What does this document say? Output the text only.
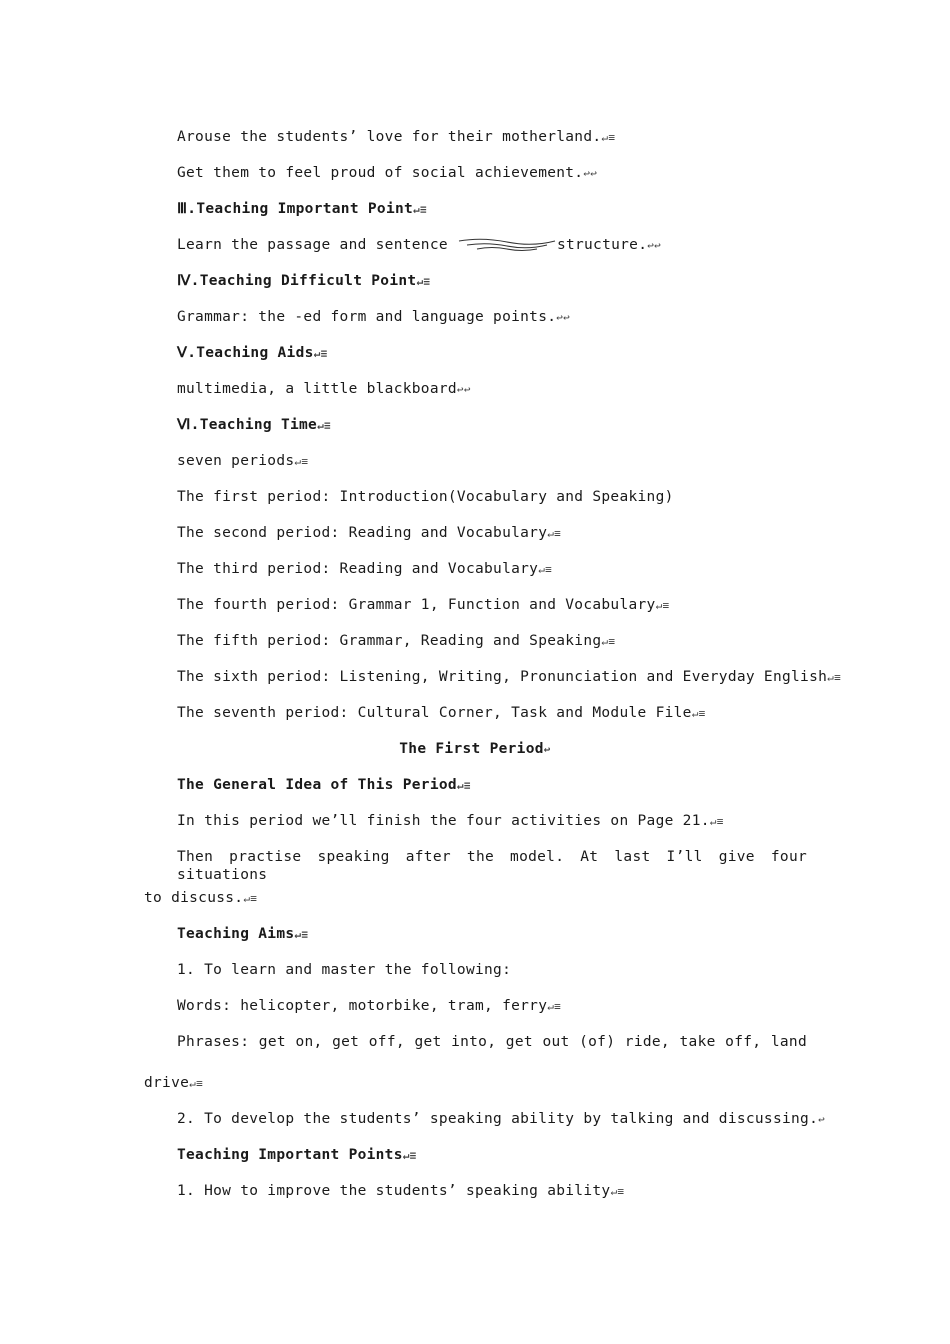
Arouse the students’ love for their motherland.↵≡
Get them to feel proud of social achievement.↩↩
Ⅲ.Teaching Important Point↵≡
Learn the passage and sentence	structure.↩↩
Ⅳ.Teaching Difficult Point↵≡
Grammar: the -ed form and language points.↩↩
Ⅴ.Teaching Aids↵≡
multimedia, a little blackboard↩↩
Ⅵ.Teaching Time↵≡
seven periods↵≡
The first period: Introduction(Vocabulary and Speaking)
The second period: Reading and Vocabulary↵≡
The third period: Reading and Vocabulary↵≡
The fourth period: Grammar 1, Function and Vocabulary↵≡
The fifth period: Grammar, Reading and Speaking↵≡
The sixth period: Listening, Writing, Pronunciation and Everyday English↵≡
The seventh period: Cultural Corner, Task and Module File↵≡
The First Period↩
The General Idea of This Period↵≡
In this period we’ll finish the four activities on Page 21.↵≡
Then practise speaking after the model. At last I’ll give four situations
to discuss.↵≡
Teaching Aims↵≡
1. To learn and master the following:
Words: helicopter, motorbike, tram, ferry↵≡
Phrases: get on, get off, get into, get out (of) ride, take off, land
drive↵≡
2. To develop the students’ speaking ability by talking and discussing.↩
Teaching Important Points↵≡
1. How to improve the students’ speaking ability↵≡
